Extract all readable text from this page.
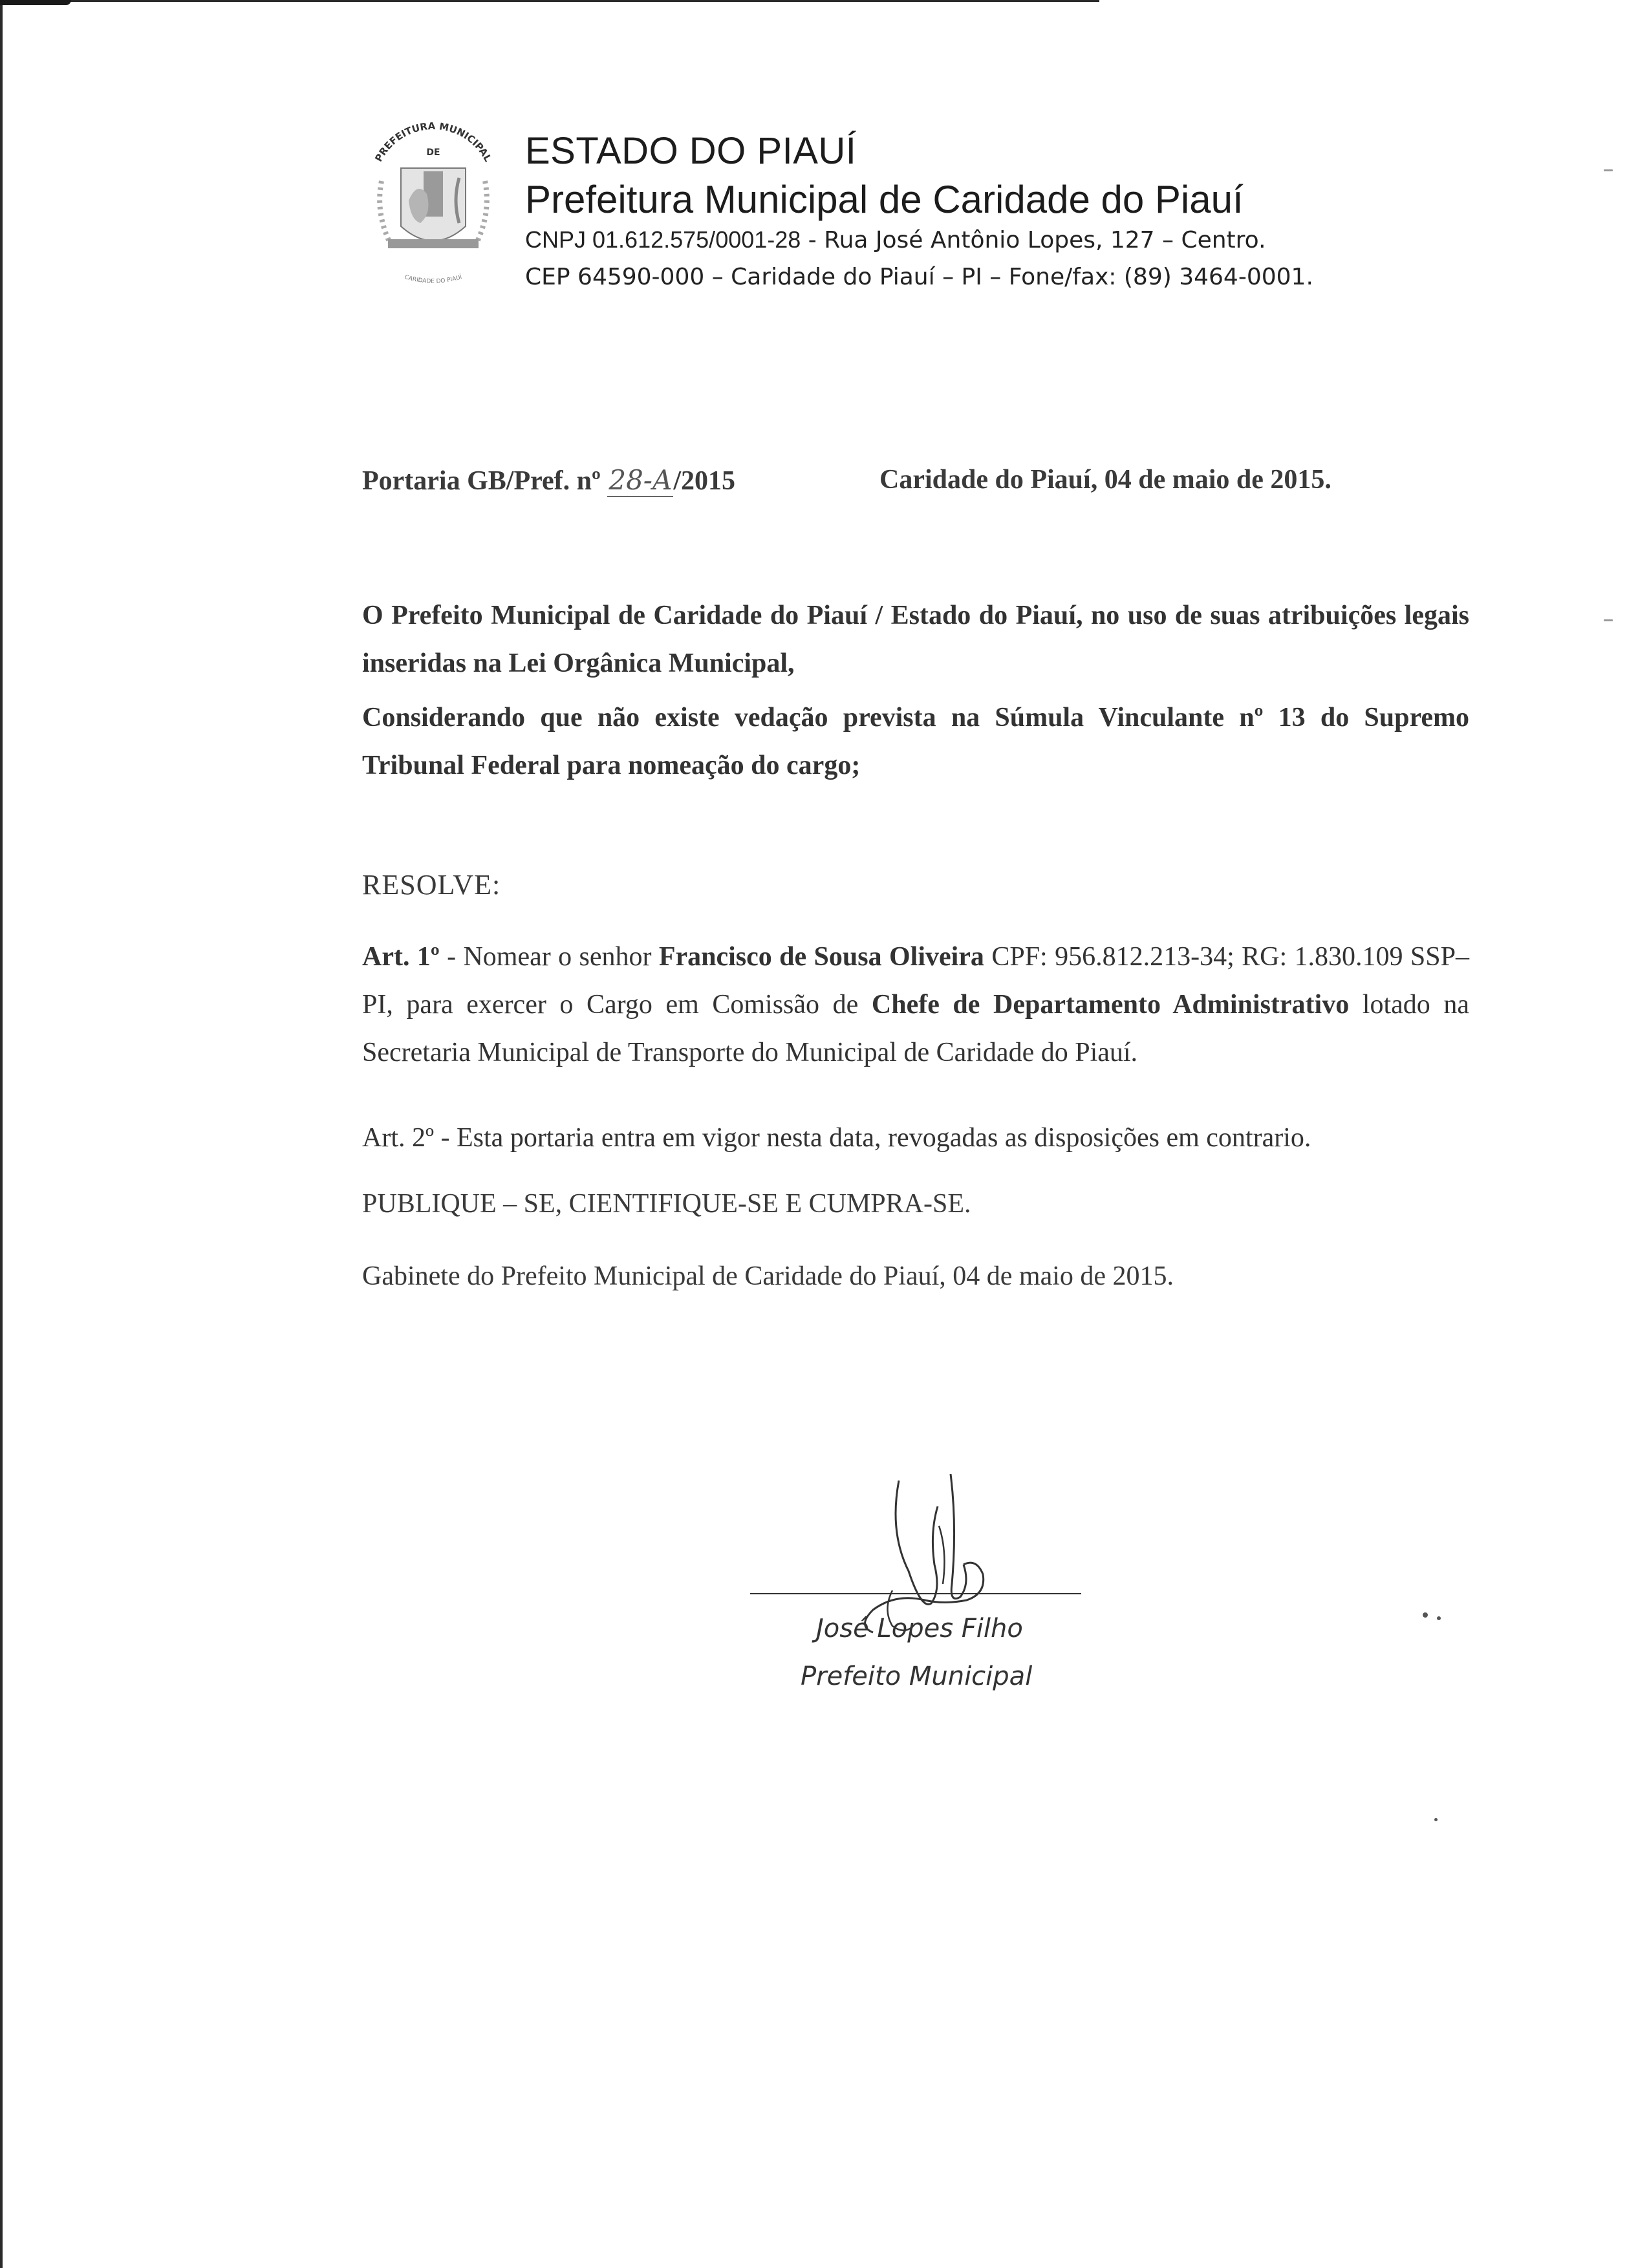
PREFEITURA MUNICIPAL
DE
CARIDADE DO PIAUÍ
ESTADO DO PIAUÍ
Prefeitura Municipal de Caridade do Piauí
CNPJ 01.612.575/0001-28 - Rua José Antônio Lopes, 127 – Centro.
CEP 64590-000 – Caridade do Piauí – PI – Fone/fax: (89) 3464-0001.
Portaria GB/Pref. nº 28-A/2015	Caridade do Piauí, 04 de maio de 2015.
O Prefeito Municipal de Caridade do Piauí / Estado do Piauí, no uso de suas atribuições legais inseridas na Lei Orgânica Municipal,
Considerando que não existe vedação prevista na Súmula Vinculante nº 13 do Supremo Tribunal Federal para nomeação do cargo;
RESOLVE:
Art. 1º - Nomear o senhor Francisco de Sousa Oliveira CPF: 956.812.213-34; RG: 1.830.109 SSP–PI, para exercer o Cargo em Comissão de Chefe de Departamento Administrativo lotado na Secretaria Municipal de Transporte do Municipal de Caridade do Piauí.
Art. 2º - Esta portaria entra em vigor nesta data, revogadas as disposições em contrario.
PUBLIQUE – SE, CIENTIFIQUE-SE E CUMPRA-SE.
Gabinete do Prefeito Municipal de Caridade do Piauí, 04 de maio de 2015.
José Lopes Filho
Prefeito Municipal
